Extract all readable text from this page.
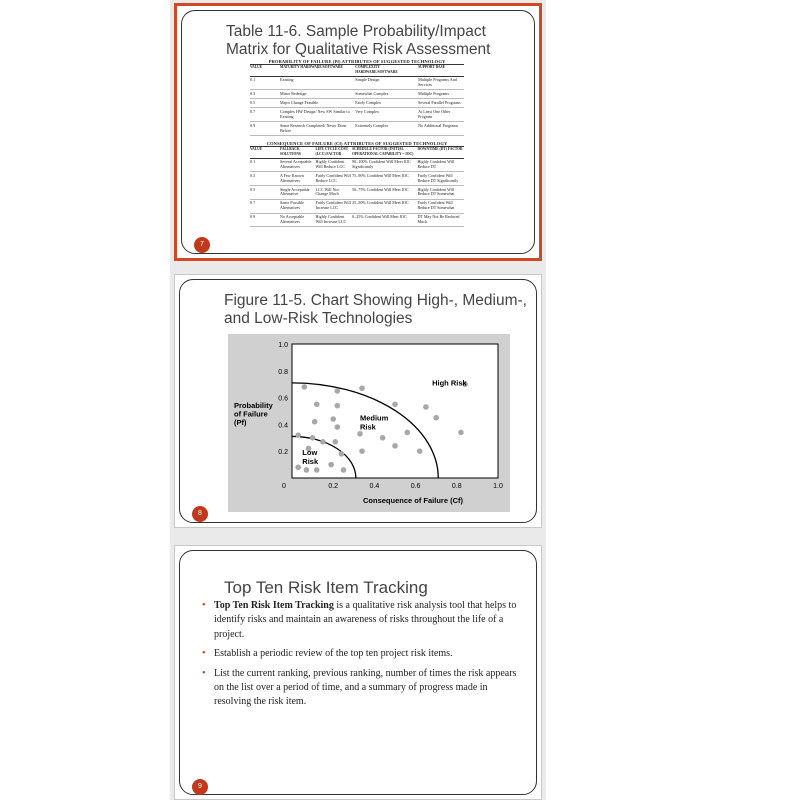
Table 11-6. Sample Probability/Impact
Matrix for Qualitative Risk Assessment
PROBABILITY OF FAILURE (Pf) ATTRIBUTES OF SUGGESTED TECHNOLOGY
VALUE	MATURITY HARDWARE/SOFTWARE	COMPLEXITY HARDWARE/SOFTWARE	SUPPORT BASE
0.1	Existing	Simple Design	Multiple Programs And Services
0.3	Minor Redesign	Somewhat Complex	Multiple Programs
0.5	Major Change Feasible	Fairly Complex	Several Parallel Programs
0.7	Complex HW Design/ New SW Similar to Existing	Very Complex	At Least One Other Program
0.9	Some Research Completed/ Never Done Before	Extremely Complex	No Additional Programs
CONSEQUENCE OF FAILURE (Cf) ATTRIBUTES OF SUGGESTED TECHNOLOGY
VALUE	FALLBACK SOLUTIONS	LIFE CYCLE COST (LCC) FACTOR	SCHEDULE FACTOR (INITIAL OPERATIONAL CAPABILITY = IOC)	DOWNTIME (DT) FACTOR
0.1	Several Acceptable Alternatives	Highly Confident Will Reduce LCC	90–100% Confident Will Meet IOC Significantly	Highly Confident Will Reduce DT
0.3	A Few Known Alternatives	Fairly Confident Will Reduce LCC	75–90% Confident Will Meet IOC	Fairly Confident Will Reduce DT Significantly
0.5	Single Acceptable Alternative	LCC Will Not Change Much	50–75% Confident Will Meet IOC	Highly Confident Will Reduce DT Somewhat
0.7	Some Possible Alternatives	Fairly Confident Will Increase LCC	25–50% Confident Will Meet IOC	Fairly Confident Will Reduce DT Somewhat
0.9	No Acceptable Alternatives	Highly Confident Will Increase LCC	0–25% Confident Will Meet IOC	DT May Not Be Reduced Much
7
Figure 11-5. Chart Showing High-, Medium-,
and Low-Risk Technologies
0.2
0.4
0.6
0.8
1.0
0.2	0.4	0.6	0.8	1.0
0
Consequence of Failure (Cf)
Probability of Failure (Pf)
Low Risk
Medium Risk
High Risk
8
Top Ten Risk Item Tracking
• Top Ten Risk Item Tracking is a qualitative risk analysis tool that helps to identify risks and maintain an awareness of risks throughout the life of a project.
• Establish a periodic review of the top ten project risk items.
• List the current ranking, previous ranking, number of times the risk appears on the list over a period of time, and a summary of progress made in resolving the risk item.
9
